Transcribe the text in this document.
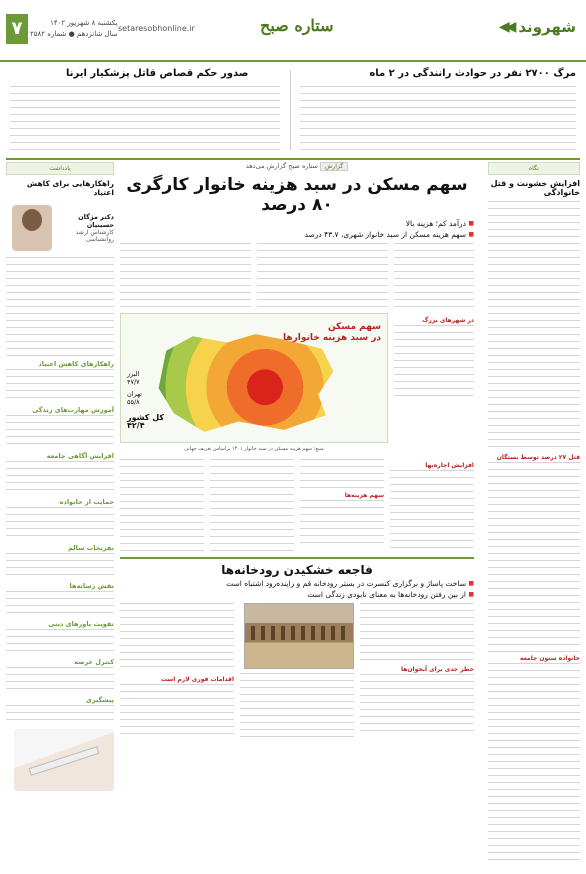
شهروند
◀◀
ستاره صبح
setaresobhonline.ir
یکشنبه ۸ شهریور ۱۴۰۲
سال شانزدهم ● شماره ۲۵۸۲
۷
مرگ ۲۷۰۰ نفر در حوادث رانندگی در ۲ ماه
صدور حکم قصاص قاتل پزشکیار ایرنا
نگاه
افزایش خشونت و قتل خانوادگی
قتل ۲۷ درصد توسط بستگان
خانواده ستون جامعه
یادداشت
راهکارهایی برای کاهش اعتیاد
دکتر مژگان حسینیان
کارشناس ارشد روانشناسی
راهکارهای کاهش اعتیاد
آموزش مهارت‌های زندگی
افزایش آگاهی جامعه
حمایت از خانواده
تفریحات سالم
نقش رسانه‌ها
تقویت باورهای دینی
کنترل عرضه
پیشگیری
گزارش ستاره صبح گزارش می‌دهد
سهم مسکن در سبد هزینه خانوار کارگری ۸۰ درصد
■ درآمد کم؛ هزینه بالا
■ سهم هزینه مسکن از سبد خانوار شهری، ۴۳.۷ درصد
در شهرهای بزرگ
سهم مسکن
در سبد هزینه خانوارها
البرز
۴۷/۷
تهران
۵۵/۸
کل کشور
۴۲/۴
منبع: سهم هزینه مسکن در سبد خانوار ۱۴۰۱ براساس تعریف جهانی
افزایش اجاره‌بها
سهم هزینه‌ها
فاجعه خشکیدن رودخانه‌ها
■ ساخت پاساژ و برگزاری کنسرت در بستر رودخانه قم و زاینده‌رود اشتباه است
■ از بین رفتن رودخانه‌ها به معنای نابودی زندگی است
خطر جدی برای آبخوان‌ها
اقدامات فوری لازم است
